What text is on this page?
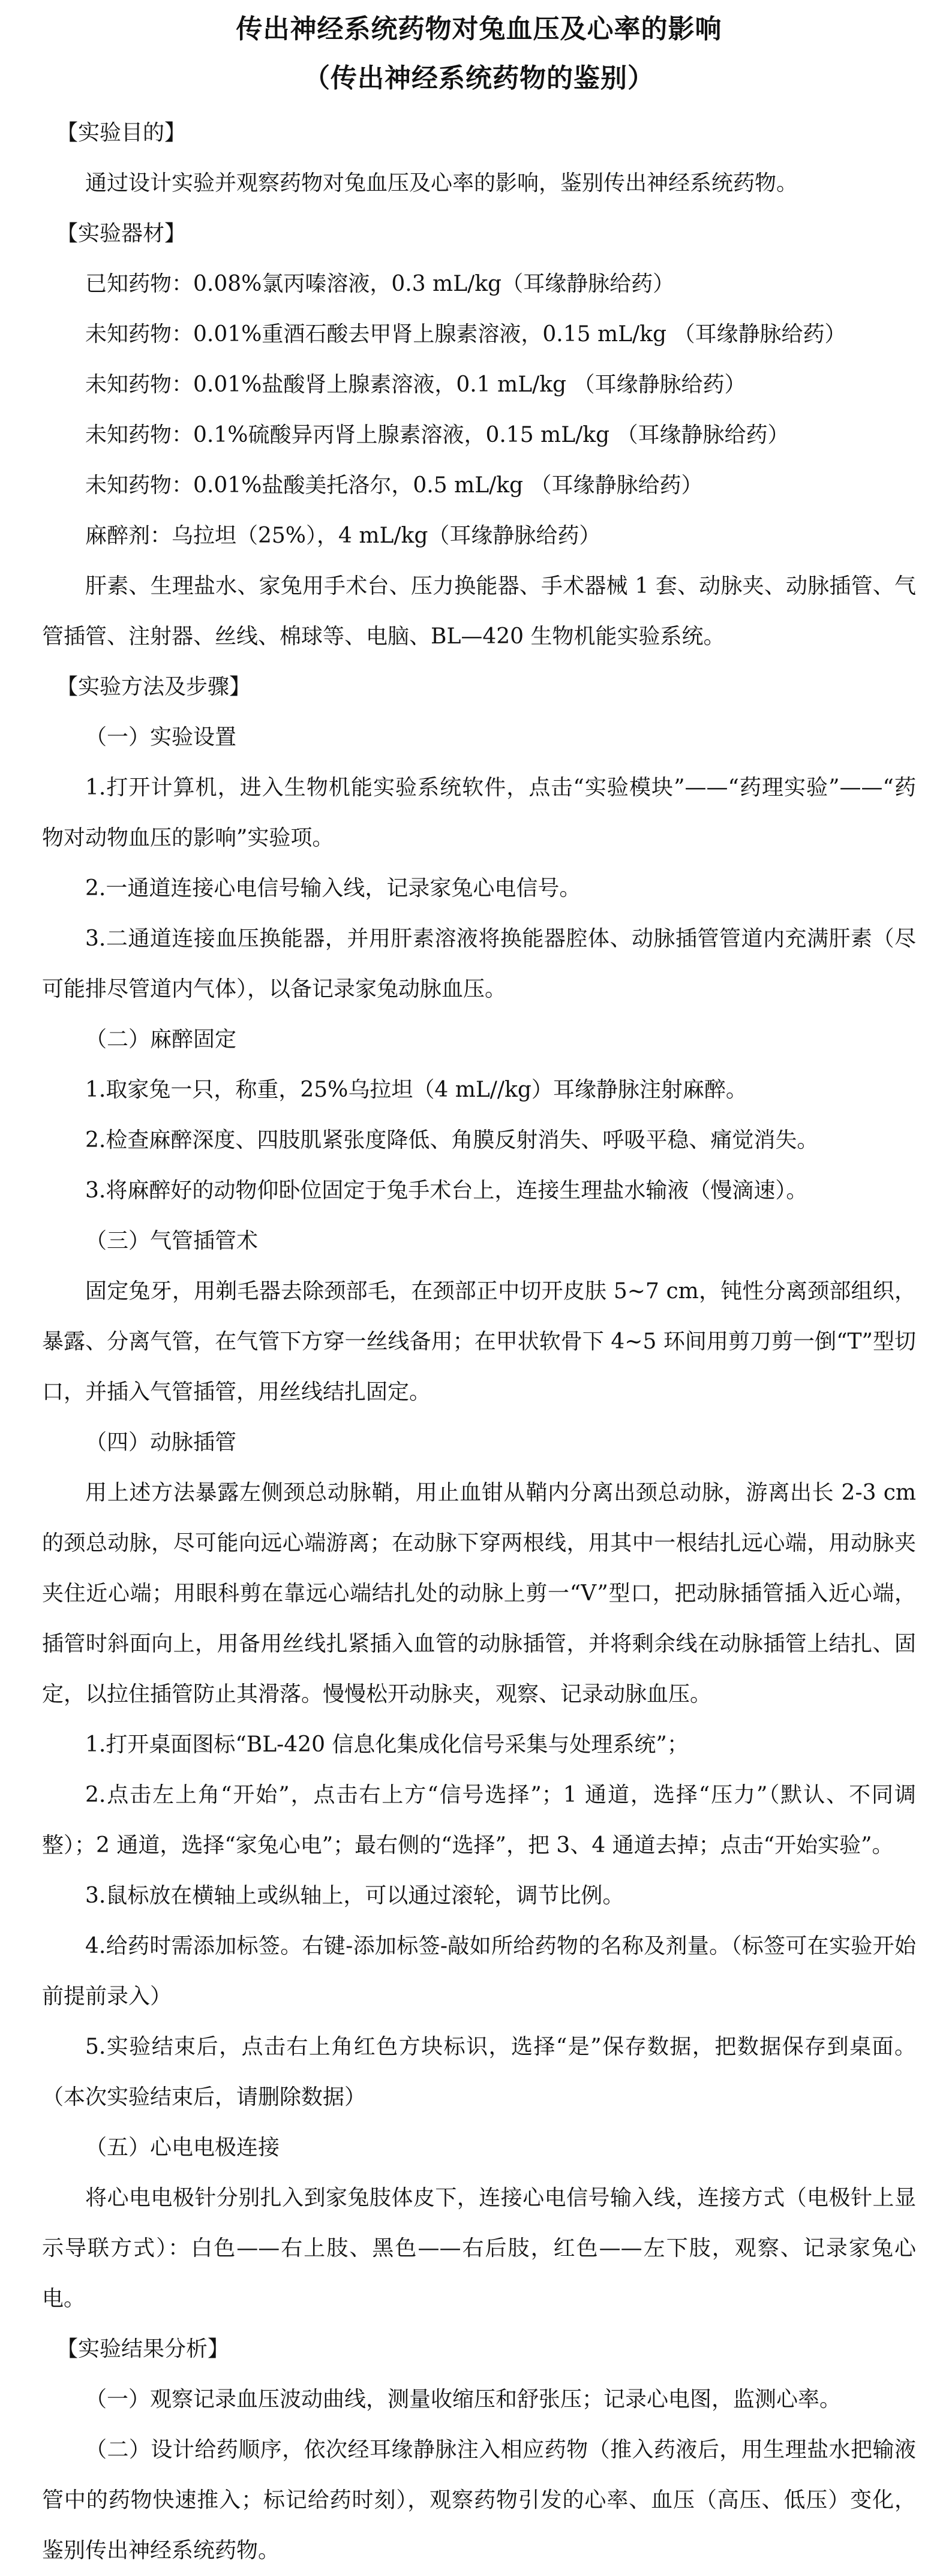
传出神经系统药物对兔血压及心率的影响
（传出神经系统药物的鉴别）
【实验目的】
通过设计实验并观察药物对兔血压及心率的影响，鉴别传出神经系统药物。
【实验器材】
已知药物：0.08%氯丙嗪溶液，0.3 mL/kg（耳缘静脉给药）
未知药物：0.01%重酒石酸去甲肾上腺素溶液，0.15 mL/kg （耳缘静脉给药）
未知药物：0.01%盐酸肾上腺素溶液，0.1 mL/kg （耳缘静脉给药）
未知药物：0.1%硫酸异丙肾上腺素溶液，0.15 mL/kg （耳缘静脉给药）
未知药物：0.01%盐酸美托洛尔，0.5 mL/kg （耳缘静脉给药）
麻醉剂：乌拉坦（25%），4 mL/kg（耳缘静脉给药）
肝素、生理盐水、家兔用手术台、压力换能器、手术器械 1 套、动脉夹、动脉插管、气管插管、注射器、丝线、棉球等、电脑、BL—420 生物机能实验系统。
【实验方法及步骤】
（一）实验设置
1.打开计算机，进入生物机能实验系统软件，点击“实验模块”——“药理实验”——“药物对动物血压的影响”实验项。
2.一通道连接心电信号输入线，记录家兔心电信号。
3.二通道连接血压换能器，并用肝素溶液将换能器腔体、动脉插管管道内充满肝素（尽可能排尽管道内气体），以备记录家兔动脉血压。
（二）麻醉固定
1.取家兔一只，称重，25%乌拉坦（4 mL//kg）耳缘静脉注射麻醉。
2.检查麻醉深度、四肢肌紧张度降低、角膜反射消失、呼吸平稳、痛觉消失。
3.将麻醉好的动物仰卧位固定于兔手术台上，连接生理盐水输液（慢滴速）。
（三）气管插管术
固定兔牙，用剃毛器去除颈部毛，在颈部正中切开皮肤 5~7 cm，钝性分离颈部组织，暴露、分离气管，在气管下方穿一丝线备用；在甲状软骨下 4~5 环间用剪刀剪一倒“T”型切口，并插入气管插管，用丝线结扎固定。
（四）动脉插管
用上述方法暴露左侧颈总动脉鞘，用止血钳从鞘内分离出颈总动脉，游离出长 2-3 cm的颈总动脉，尽可能向远心端游离；在动脉下穿两根线，用其中一根结扎远心端，用动脉夹夹住近心端；用眼科剪在靠远心端结扎处的动脉上剪一“V”型口，把动脉插管插入近心端，插管时斜面向上，用备用丝线扎紧插入血管的动脉插管，并将剩余线在动脉插管上结扎、固定，以拉住插管防止其滑落。慢慢松开动脉夹，观察、记录动脉血压。
1.打开桌面图标“BL-420 信息化集成化信号采集与处理系统”；
2.点击左上角“开始”，点击右上方“信号选择”；1 通道，选择“压力”（默认、不同调整）；2 通道，选择“家兔心电”；最右侧的“选择”，把 3、4 通道去掉；点击“开始实验”。
3.鼠标放在横轴上或纵轴上，可以通过滚轮，调节比例。
4.给药时需添加标签。右键-添加标签-敲如所给药物的名称及剂量。（标签可在实验开始前提前录入）
5.实验结束后，点击右上角红色方块标识，选择“是”保存数据，把数据保存到桌面。（本次实验结束后，请删除数据）
（五）心电电极连接
将心电电极针分别扎入到家兔肢体皮下，连接心电信号输入线，连接方式（电极针上显示导联方式）：白色——右上肢、黑色——右后肢，红色——左下肢，观察、记录家兔心电。
【实验结果分析】
（一）观察记录血压波动曲线，测量收缩压和舒张压；记录心电图，监测心率。
（二）设计给药顺序，依次经耳缘静脉注入相应药物（推入药液后，用生理盐水把输液管中的药物快速推入；标记给药时刻），观察药物引发的心率、血压（高压、低压）变化，鉴别传出神经系统药物。
